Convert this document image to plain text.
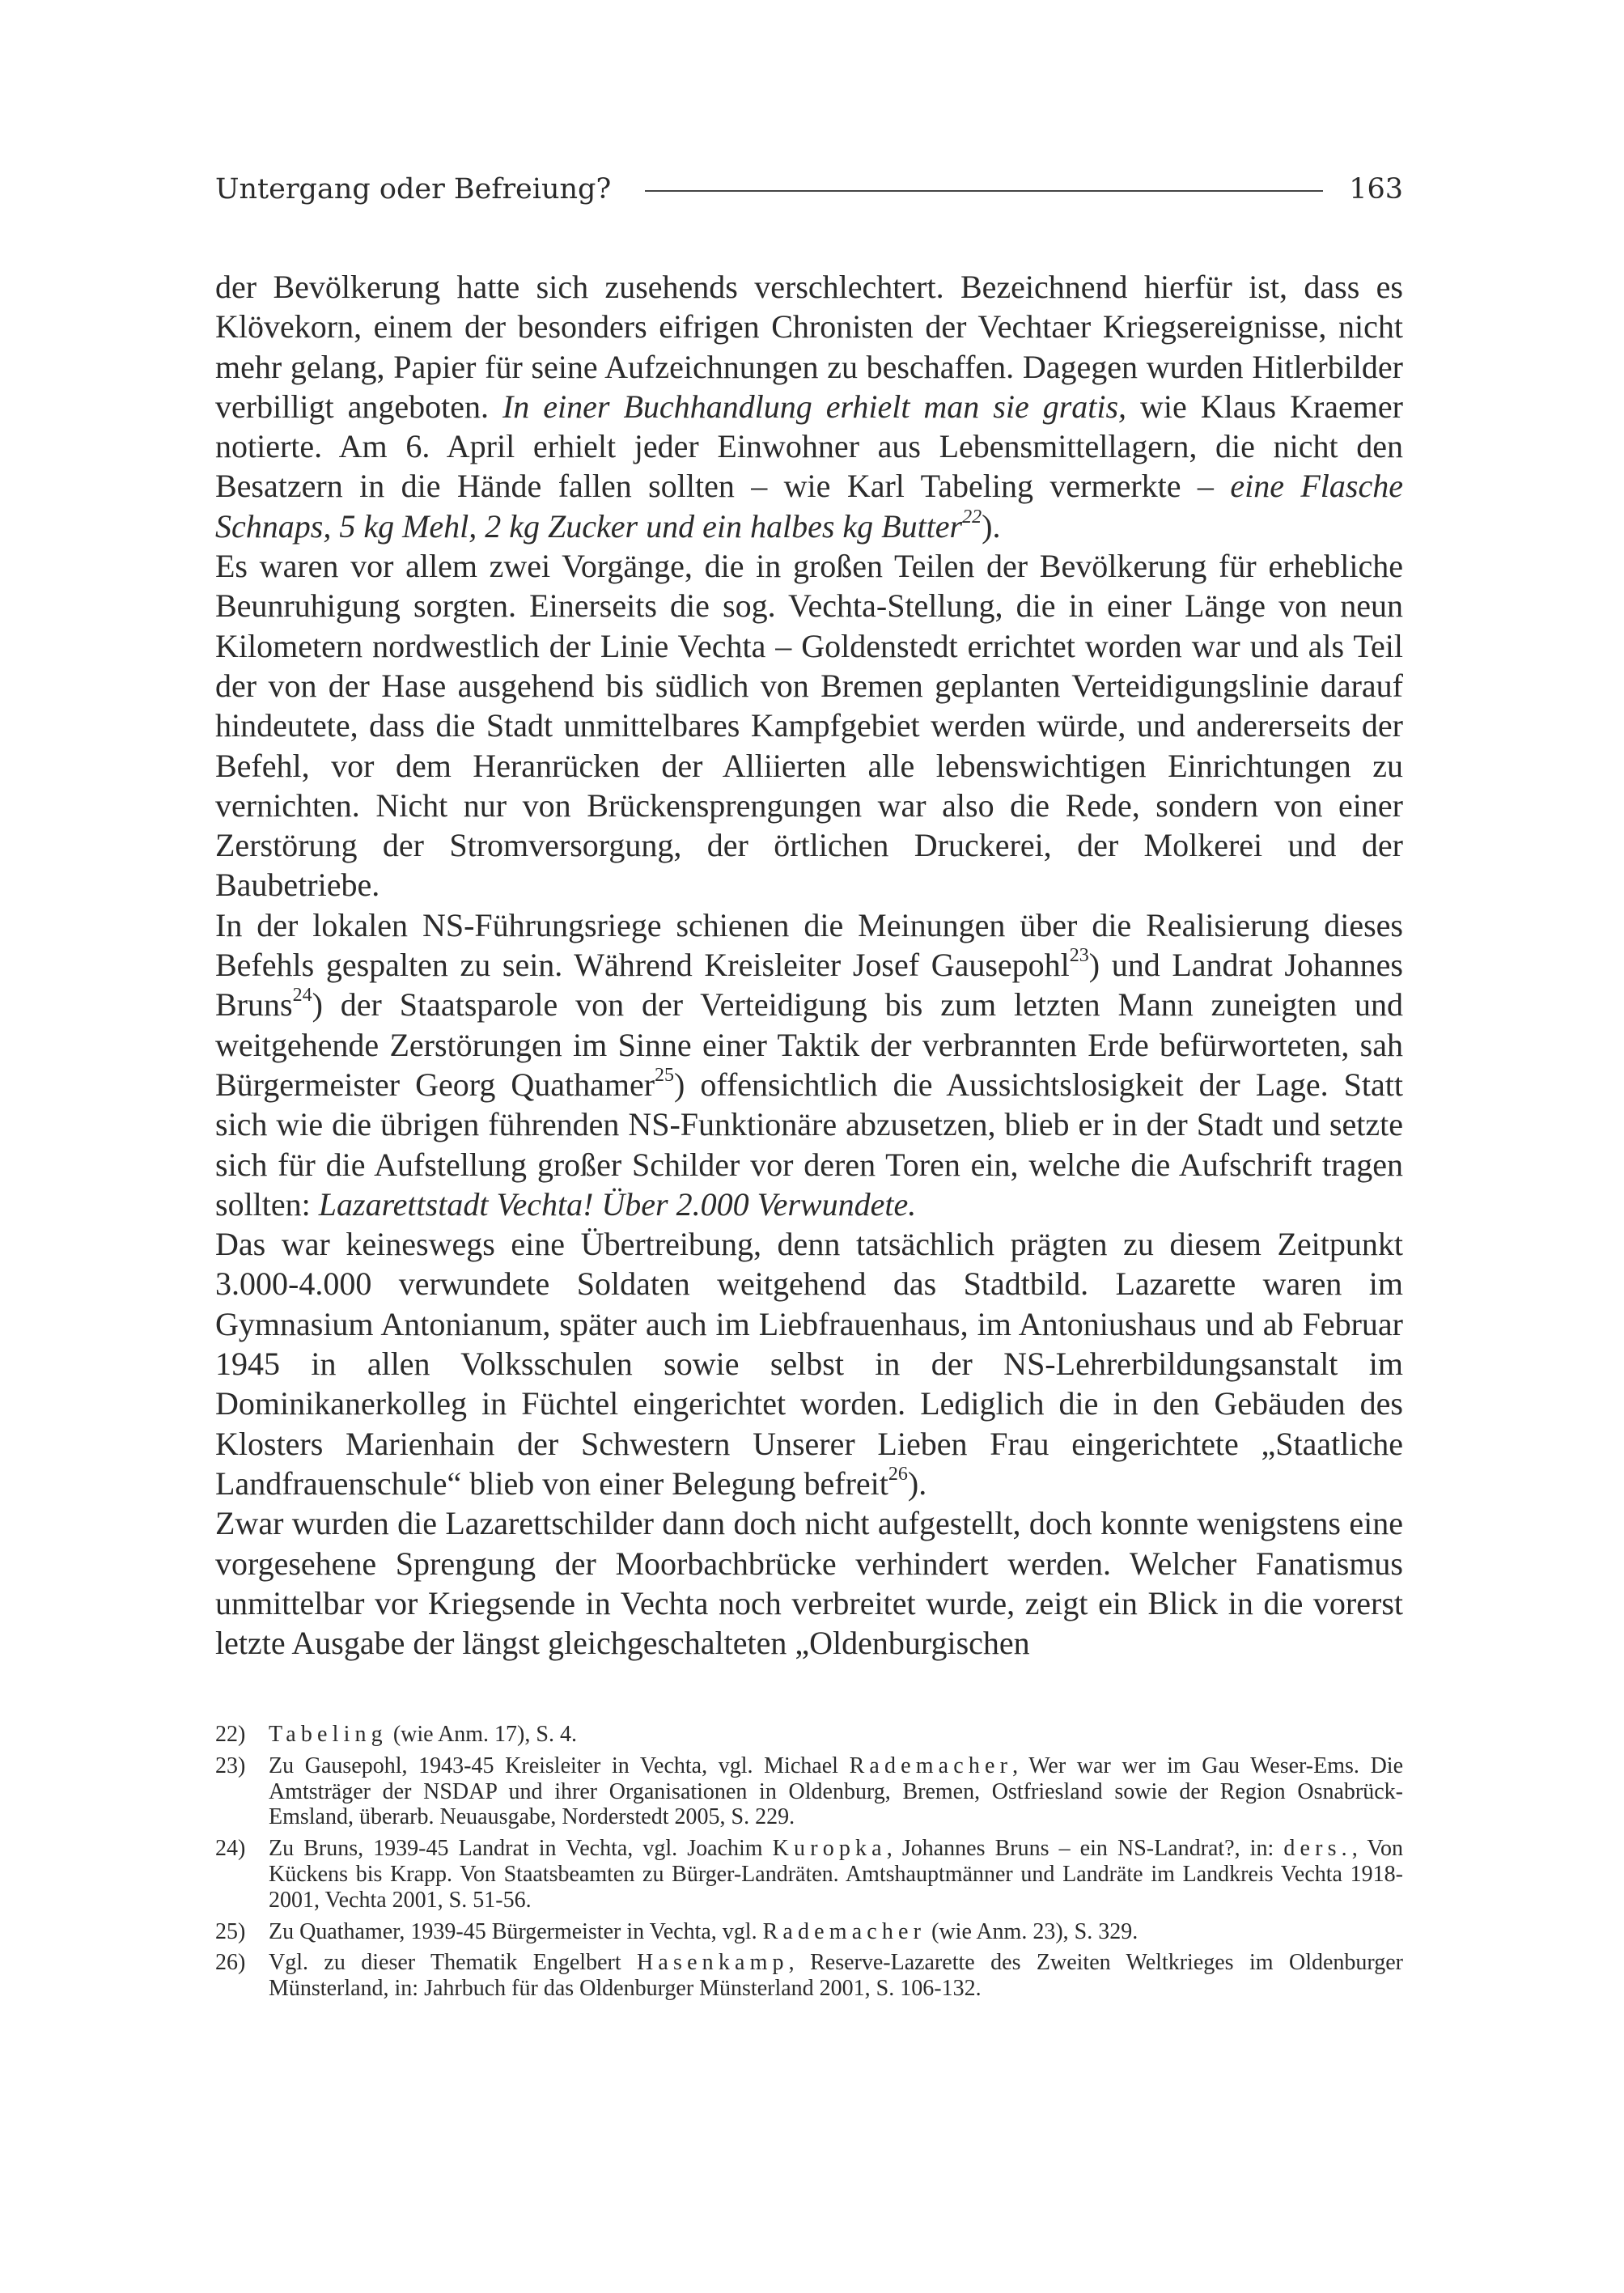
Untergang oder Befreiung?	163

der Bevölkerung hatte sich zusehends verschlechtert. Bezeichnend hierfür ist, dass es Klövekorn, einem der besonders eifrigen Chronisten der Vechtaer Kriegsereignisse, nicht mehr gelang, Papier für seine Aufzeichnungen zu beschaffen. Dagegen wurden Hitlerbilder verbilligt angeboten. In einer Buchhandlung erhielt man sie gratis, wie Klaus Kraemer notierte. Am 6. April erhielt jeder Einwohner aus Lebensmittellagern, die nicht den Besatzern in die Hände fallen sollten – wie Karl Tabeling vermerkte – eine Flasche Schnaps, 5 kg Mehl, 2 kg Zucker und ein halbes kg Butter$^{22}$).

Es waren vor allem zwei Vorgänge, die in großen Teilen der Bevölkerung für erhebliche Beunruhigung sorgten. Einerseits die sog. Vechta-Stellung, die in einer Länge von neun Kilometern nordwestlich der Linie Vechta – Goldenstedt errichtet worden war und als Teil der von der Hase ausgehend bis südlich von Bremen geplanten Verteidigungslinie darauf hindeutete, dass die Stadt unmittelbares Kampfgebiet werden würde, und andererseits der Befehl, vor dem Heranrücken der Alliierten alle lebenswichtigen Einrichtungen zu vernichten. Nicht nur von Brückensprengungen war also die Rede, sondern von einer Zerstörung der Stromversorgung, der örtlichen Druckerei, der Molkerei und der Baubetriebe.

In der lokalen NS-Führungsriege schienen die Meinungen über die Realisierung dieses Befehls gespalten zu sein. Während Kreisleiter Josef Gausepohl$^{23}$) und Landrat Johannes Bruns$^{24}$) der Staatsparole von der Verteidigung bis zum letzten Mann zuneigten und weitgehende Zerstörungen im Sinne einer Taktik der verbrannten Erde befürworteten, sah Bürgermeister Georg Quathamer$^{25}$) offensichtlich die Aussichtslosigkeit der Lage. Statt sich wie die übrigen führenden NS-Funktionäre abzusetzen, blieb er in der Stadt und setzte sich für die Aufstellung großer Schilder vor deren Toren ein, welche die Aufschrift tragen sollten: Lazarettstadt Vechta! Über 2.000 Verwundete.

Das war keineswegs eine Übertreibung, denn tatsächlich prägten zu diesem Zeitpunkt 3.000-4.000 verwundete Soldaten weitgehend das Stadtbild. Lazarette waren im Gymnasium Antonianum, später auch im Liebfrauenhaus, im Antoniushaus und ab Februar 1945 in allen Volksschulen sowie selbst in der NS-Lehrerbildungsanstalt im Dominikanerkolleg in Füchtel eingerichtet worden. Lediglich die in den Gebäuden des Klosters Marienhain der Schwestern Unserer Lieben Frau eingerichtete „Staatliche Landfrauenschule“ blieb von einer Belegung befreit$^{26}$).

Zwar wurden die Lazarettschilder dann doch nicht aufgestellt, doch konnte wenigstens eine vorgesehene Sprengung der Moorbachbrücke verhindert werden. Welcher Fanatismus unmittelbar vor Kriegsende in Vechta noch verbreitet wurde, zeigt ein Blick in die vorerst letzte Ausgabe der längst gleichgeschalteten „Oldenburgischen

22)	Tabeling (wie Anm. 17), S. 4.
23)	Zu Gausepohl, 1943-45 Kreisleiter in Vechta, vgl. Michael Rademacher, Wer war wer im Gau Weser-Ems. Die Amtsträger der NSDAP und ihrer Organisationen in Oldenburg, Bremen, Ostfriesland sowie der Region Osnabrück-Emsland, überarb. Neuausgabe, Norderstedt 2005, S. 229.
24)	Zu Bruns, 1939-45 Landrat in Vechta, vgl. Joachim Kuropka, Johannes Bruns – ein NS-Landrat?, in: ders., Von Kückens bis Krapp. Von Staatsbeamten zu Bürger-Landräten. Amtshauptmänner und Landräte im Landkreis Vechta 1918-2001, Vechta 2001, S. 51-56.
25)	Zu Quathamer, 1939-45 Bürgermeister in Vechta, vgl. Rademacher (wie Anm. 23), S. 329.
26)	Vgl. zu dieser Thematik Engelbert Hasenkamp, Reserve-Lazarette des Zweiten Weltkrieges im Oldenburger Münsterland, in: Jahrbuch für das Oldenburger Münsterland 2001, S. 106-132.
